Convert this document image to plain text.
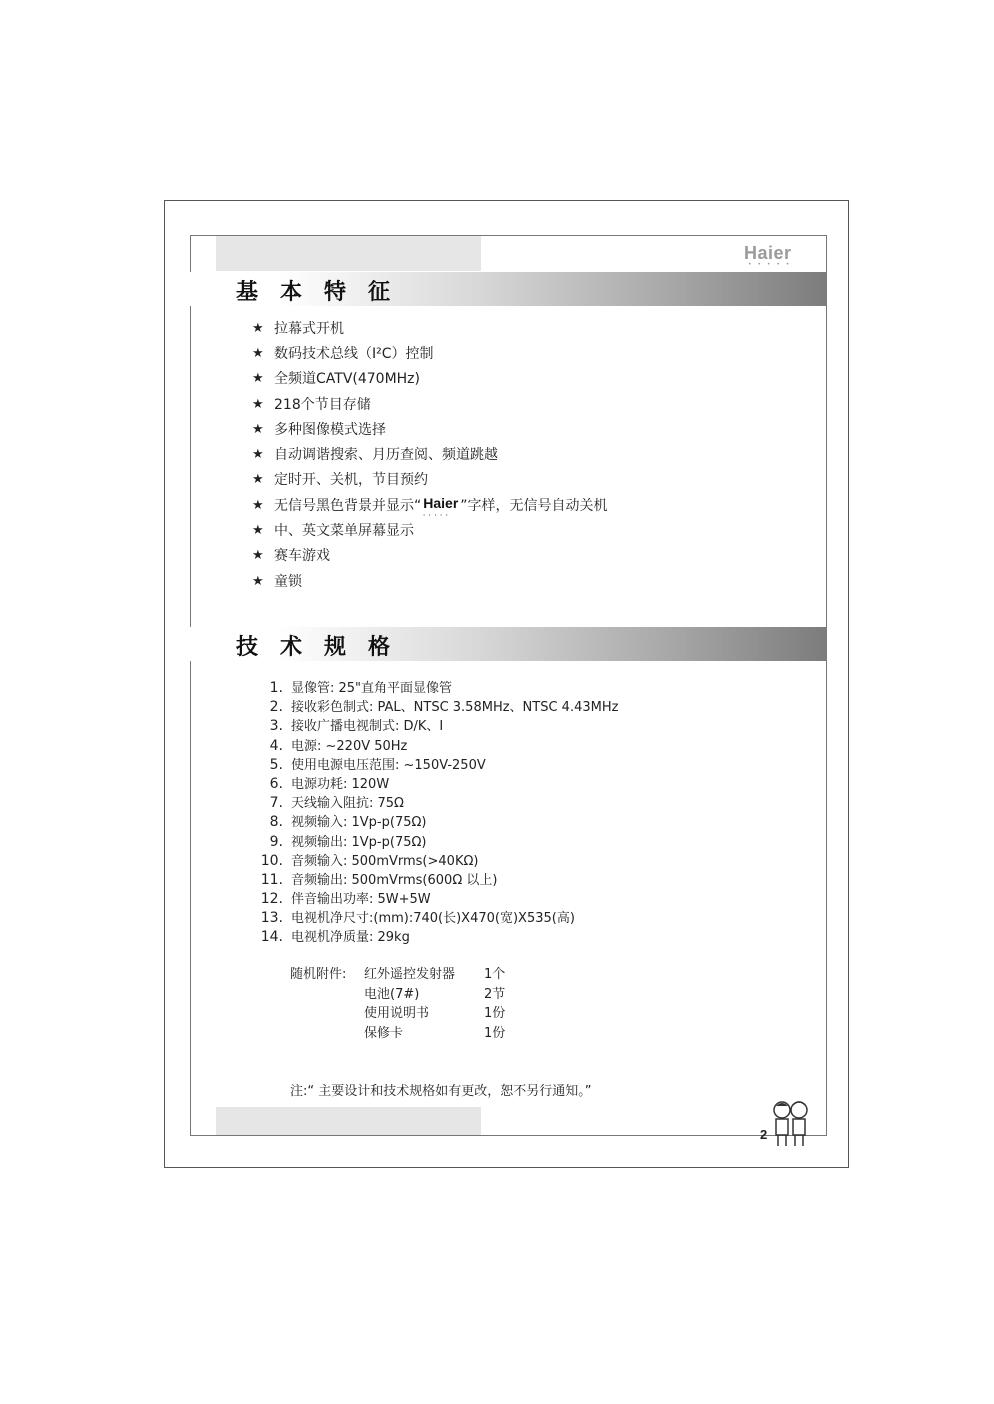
Haier
• • • • •
基本特征
★ 拉幕式开机
★ 数码技术总线（I²C）控制
★ 全频道CATV(470MHz)
★ 218个节目存储
★ 多种图像模式选择
★ 自动调谐搜索、月历查阅、频道跳越
★ 定时开、关机，节目预约
★ 无信号黑色背景并显示“ Haier · · · ”字样，无信号自动关机
★ 中、英文菜单屏幕显示
★ 赛车游戏
★ 童锁
技术规格
1. 显像管: 25"直角平面显像管
2. 接收彩色制式: PAL、NTSC 3.58MHz、NTSC 4.43MHz
3. 接收广播电视制式: D/K、I
4. 电源: ~220V 50Hz
5. 使用电源电压范围: ~150V-250V
6. 电源功耗: 120W
7. 天线输入阻抗: 75Ω
8. 视频输入: 1Vp-p(75Ω)
9. 视频输出: 1Vp-p(75Ω)
10. 音频输入: 500mVrms(>40KΩ)
11. 音频输出: 500mVrms(600Ω 以上)
12. 伴音输出功率: 5W+5W
13. 电视机净尺寸:(mm):740(长)X470(宽)X535(高)
14. 电视机净质量: 29kg
随机附件:	红外遥控发射器	1个
电池(7#)	2节
使用说明书	1份
保修卡	1份
注:“ 主要设计和技术规格如有更改，恕不另行通知。”
2
